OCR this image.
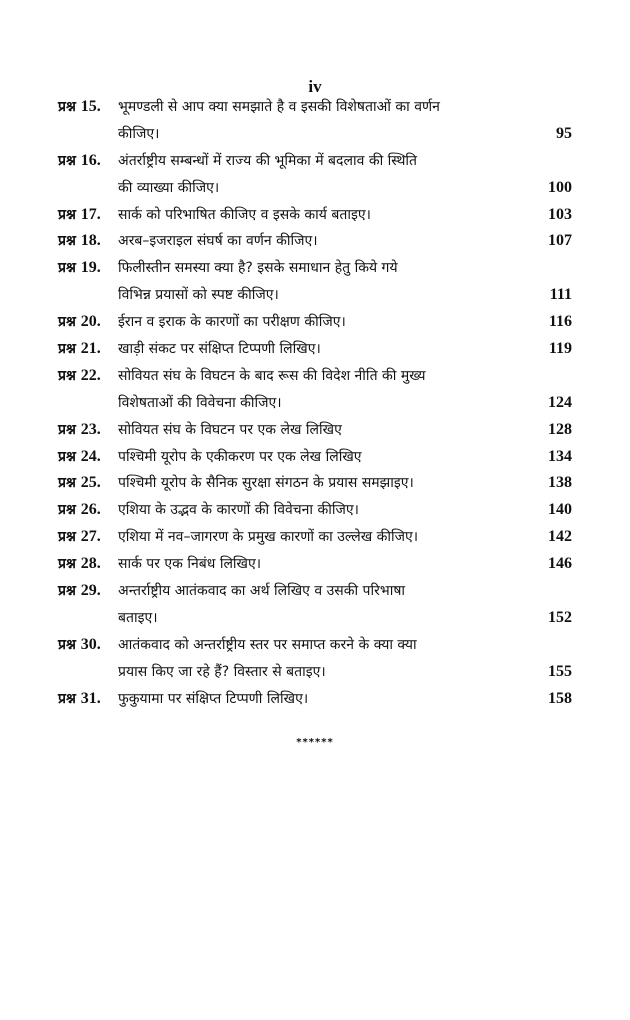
iv
प्रश्न 15.	भूमण्डली से आप क्या समझाते है व इसकी विशेषताओं का वर्णन
कीजिए।	95
प्रश्न 16.	अंतर्राष्ट्रीय सम्बन्धों में राज्य की भूमिका में बदलाव की स्थिति
की व्याख्या कीजिए।	100
प्रश्न 17.	सार्क को परिभाषित कीजिए व इसके कार्य बताइए।	103
प्रश्न 18.	अरब–इजराइल संघर्ष का वर्णन कीजिए।	107
प्रश्न 19.	फिलीस्तीन समस्या क्या है? इसके समाधान हेतु किये गये
विभिन्न प्रयासों को स्पष्ट कीजिए।	111
प्रश्न 20.	ईरान व इराक के कारणों का परीक्षण कीजिए।	116
प्रश्न 21.	खाड़ी संकट पर संक्षिप्त टिप्पणी लिखिए।	119
प्रश्न 22.	सोवियत संघ के विघटन के बाद रूस की विदेश नीति की मुख्य
विशेषताओं की विवेचना कीजिए।	124
प्रश्न 23.	सोवियत संघ के विघटन पर एक लेख लिखिए	128
प्रश्न 24.	पश्चिमी यूरोप के एकीकरण पर एक लेख लिखिए	134
प्रश्न 25.	पश्चिमी यूरोप के सैनिक सुरक्षा संगठन के प्रयास समझाइए।	138
प्रश्न 26.	एशिया के उद्भव के कारणों की विवेचना कीजिए।	140
प्रश्न 27.	एशिया में नव–जागरण के प्रमुख कारणों का उल्लेख कीजिए।	142
प्रश्न 28.	सार्क पर एक निबंध लिखिए।	146
प्रश्न 29.	अन्तर्राष्ट्रीय आतंकवाद का अर्थ लिखिए व उसकी परिभाषा
बताइए।	152
प्रश्न 30.	आतंकवाद को अन्तर्राष्ट्रीय स्तर पर समाप्त करने के क्या क्या
प्रयास किए जा रहे हैं? विस्तार से बताइए।	155
प्रश्न 31.	फुकुयामा पर संक्षिप्त टिप्पणी लिखिए।	158
******
